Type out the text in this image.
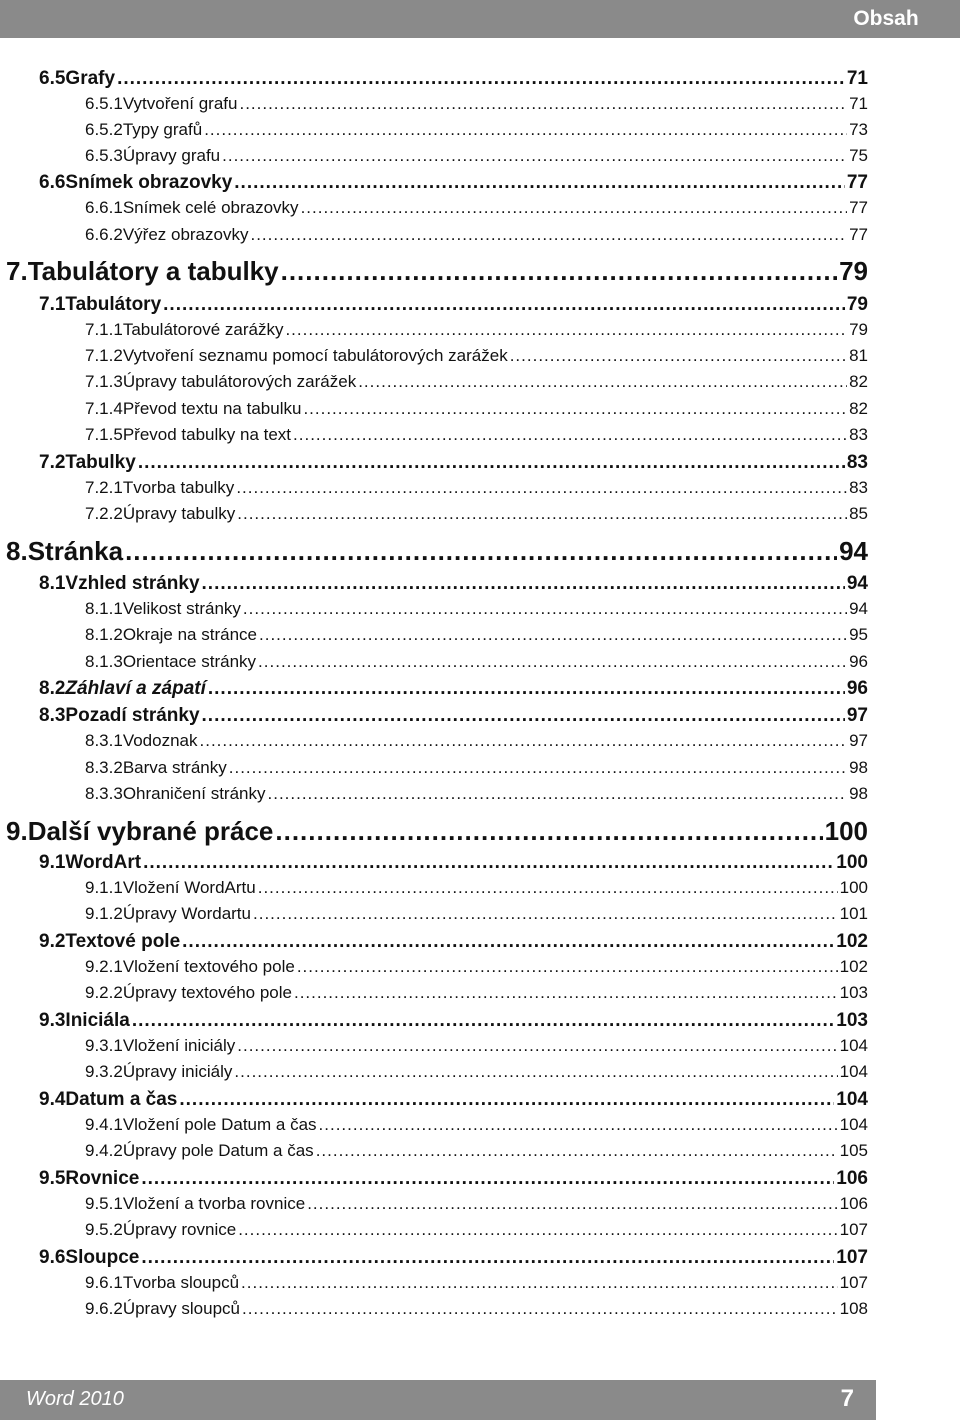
Obsah
6.5 Grafy .....	71
6.5.1 Vytvoření grafu .....	71
6.5.2 Typy grafů .....	73
6.5.3 Úpravy grafu .....	75
6.6 Snímek obrazovky .....	77
6.6.1 Snímek celé obrazovky .....	77
6.6.2 Výřez obrazovky .....	77
7. Tabulátory a tabulky .....	79
7.1 Tabulátory .....	79
7.1.1 Tabulátorové zarážky .....	79
7.1.2 Vytvoření seznamu pomocí tabulátorových zarážek .....	81
7.1.3 Úpravy tabulátorových zarážek .....	82
7.1.4 Převod textu na tabulku .....	82
7.1.5 Převod tabulky na text .....	83
7.2 Tabulky .....	83
7.2.1 Tvorba tabulky .....	83
7.2.2 Úpravy tabulky .....	85
8. Stránka .....	94
8.1 Vzhled stránky .....	94
8.1.1 Velikost stránky .....	94
8.1.2 Okraje na stránce .....	95
8.1.3 Orientace stránky .....	96
8.2 Záhlaví a zápatí .....	96
8.3 Pozadí stránky .....	97
8.3.1 Vodoznak .....	97
8.3.2 Barva stránky .....	98
8.3.3 Ohraničení stránky .....	98
9. Další vybrané práce .....	100
9.1 WordArt .....	100
9.1.1 Vložení WordArtu .....	100
9.1.2 Úpravy Wordartu .....	101
9.2 Textové pole .....	102
9.2.1 Vložení textového pole .....	102
9.2.2 Úpravy textového pole .....	103
9.3 Iniciála .....	103
9.3.1 Vložení iniciály .....	104
9.3.2 Úpravy iniciály .....	104
9.4 Datum a čas .....	104
9.4.1 Vložení pole Datum a čas .....	104
9.4.2 Úpravy pole Datum a čas .....	105
9.5 Rovnice .....	106
9.5.1 Vložení a tvorba rovnice .....	106
9.5.2 Úpravy rovnice .....	107
9.6 Sloupce .....	107
9.6.1 Tvorba sloupců .....	107
9.6.2 Úpravy sloupců .....	108
Word 2010	7
